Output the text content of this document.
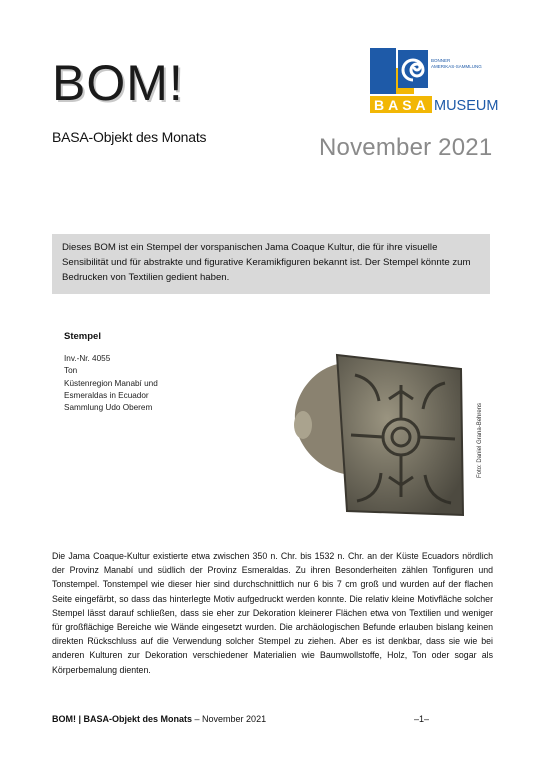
BOM!
BASA-Objekt des Monats
BONNER
AMERIKAS-SAMMLUNG
BASA MUSEUM
November 2021
Dieses BOM ist ein Stempel der vorspanischen Jama Coaque Kultur, die für ihre visuelle Sensibilität und für abstrakte und figurative Keramikfiguren bekannt ist. Der Stempel könnte zum Bedrucken von Textilien gedient haben.
Stempel
Inv.-Nr. 4055
Ton
Küstenregion Manabí und
Esmeraldas in Ecuador
Sammlung Udo Oberem	Foto: Daniel Grana-Behrens
Die Jama Coaque-Kultur existierte etwa zwischen 350 n. Chr. bis 1532 n. Chr. an der Küste Ecuadors nördlich der Provinz Manabí und südlich der Provinz Esmeraldas. Zu ihren Besonderheiten zählen Tonfiguren und Tonstempel. Tonstempel wie dieser hier sind durchschnittlich nur 6 bis 7 cm groß und wurden auf der flachen Seite eingefärbt, so dass das hinterlegte Motiv aufgedruckt werden konnte. Die relativ kleine Motivfläche solcher Stempel lässt darauf schließen, dass sie eher zur Dekoration kleinerer Flächen etwa von Textilien und weniger für großflächige Bereiche wie Wände eingesetzt wurden. Die archäologischen Befunde erlauben bislang keinen direkten Rückschluss auf die Verwendung solcher Stempel zu ziehen. Aber es ist denkbar, dass sie wie bei anderen Kulturen zur Dekoration verschiedener Materialien wie Baumwollstoffe, Holz, Ton oder sogar als Körperbemalung dienten.
BOM! | BASA-Objekt des Monats – November 2021	–1–
